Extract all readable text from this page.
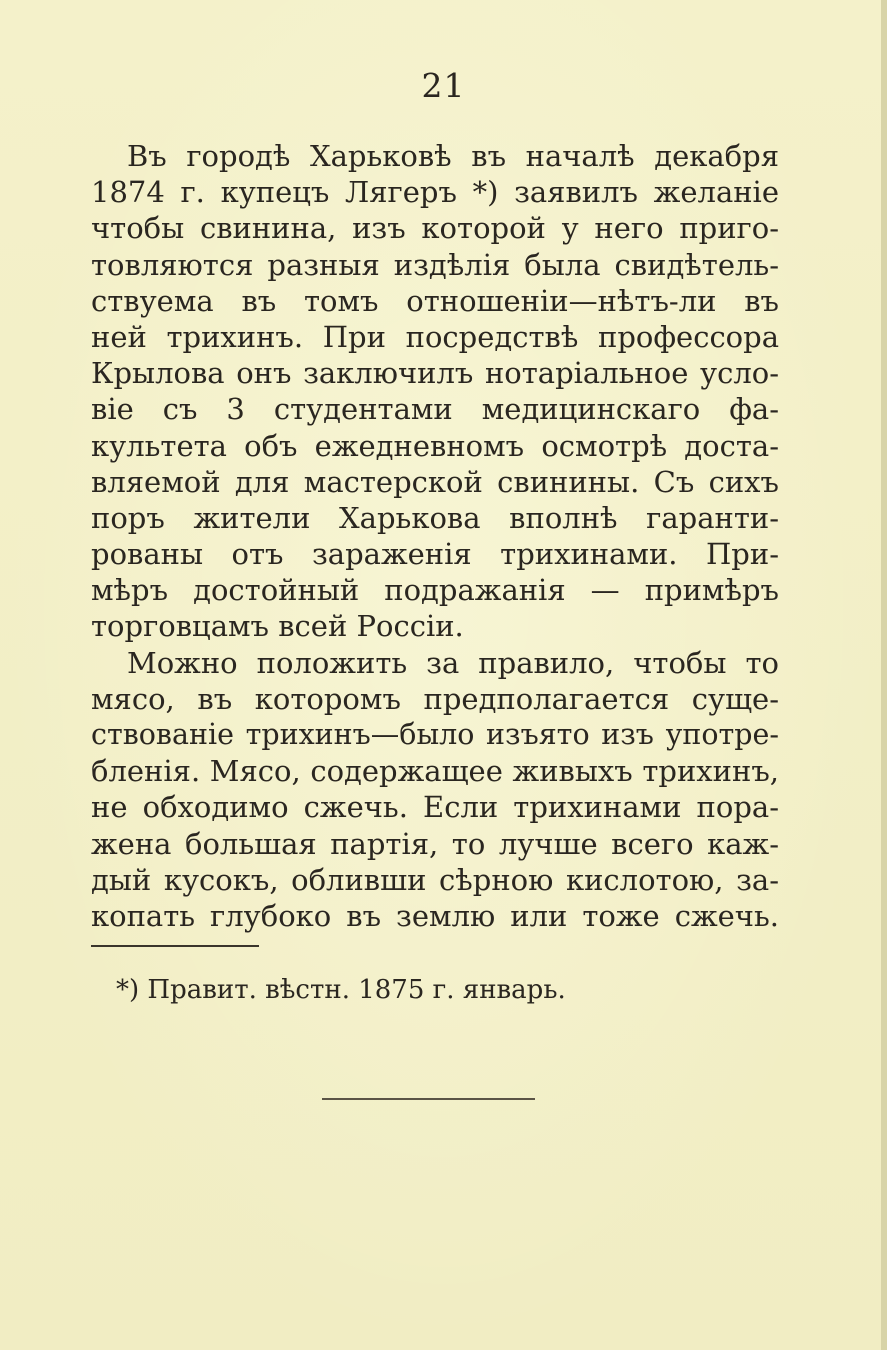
21
Въ городѣ Харьковѣ въ началѣ декабря
1874 г. купецъ Лягеръ *) заявилъ желаніе
чтобы свинина, изъ которой у него приго-
товляются разныя издѣлія была свидѣтель-
ствуема въ томъ отношеніи—нѣтъ-ли въ
ней трихинъ. При посредствѣ профессора
Крылова онъ заключилъ нотаріальное усло-
віе съ 3 студентами медицинскаго фа-
культета объ ежедневномъ осмотрѣ доста-
вляемой для мастерской свинины. Съ сихъ
поръ жители Харькова вполнѣ гаранти-
рованы отъ зараженія трихинами. При-
мѣръ достойный подражанія — примѣръ
торговцамъ всей Россіи.
Можно положить за правило, чтобы то
мясо, въ которомъ предполагается суще-
ствованіе трихинъ—было изъято изъ употре-
бленія. Мясо, содержащее живыхъ трихинъ,
не обходимо сжечь. Если трихинами пора-
жена большая партія, то лучше всего каж-
дый кусокъ, обливши сѣрною кислотою, за-
копать глубоко въ землю или тоже сжечь.
*) Правит. вѣстн. 1875 г. январь.
